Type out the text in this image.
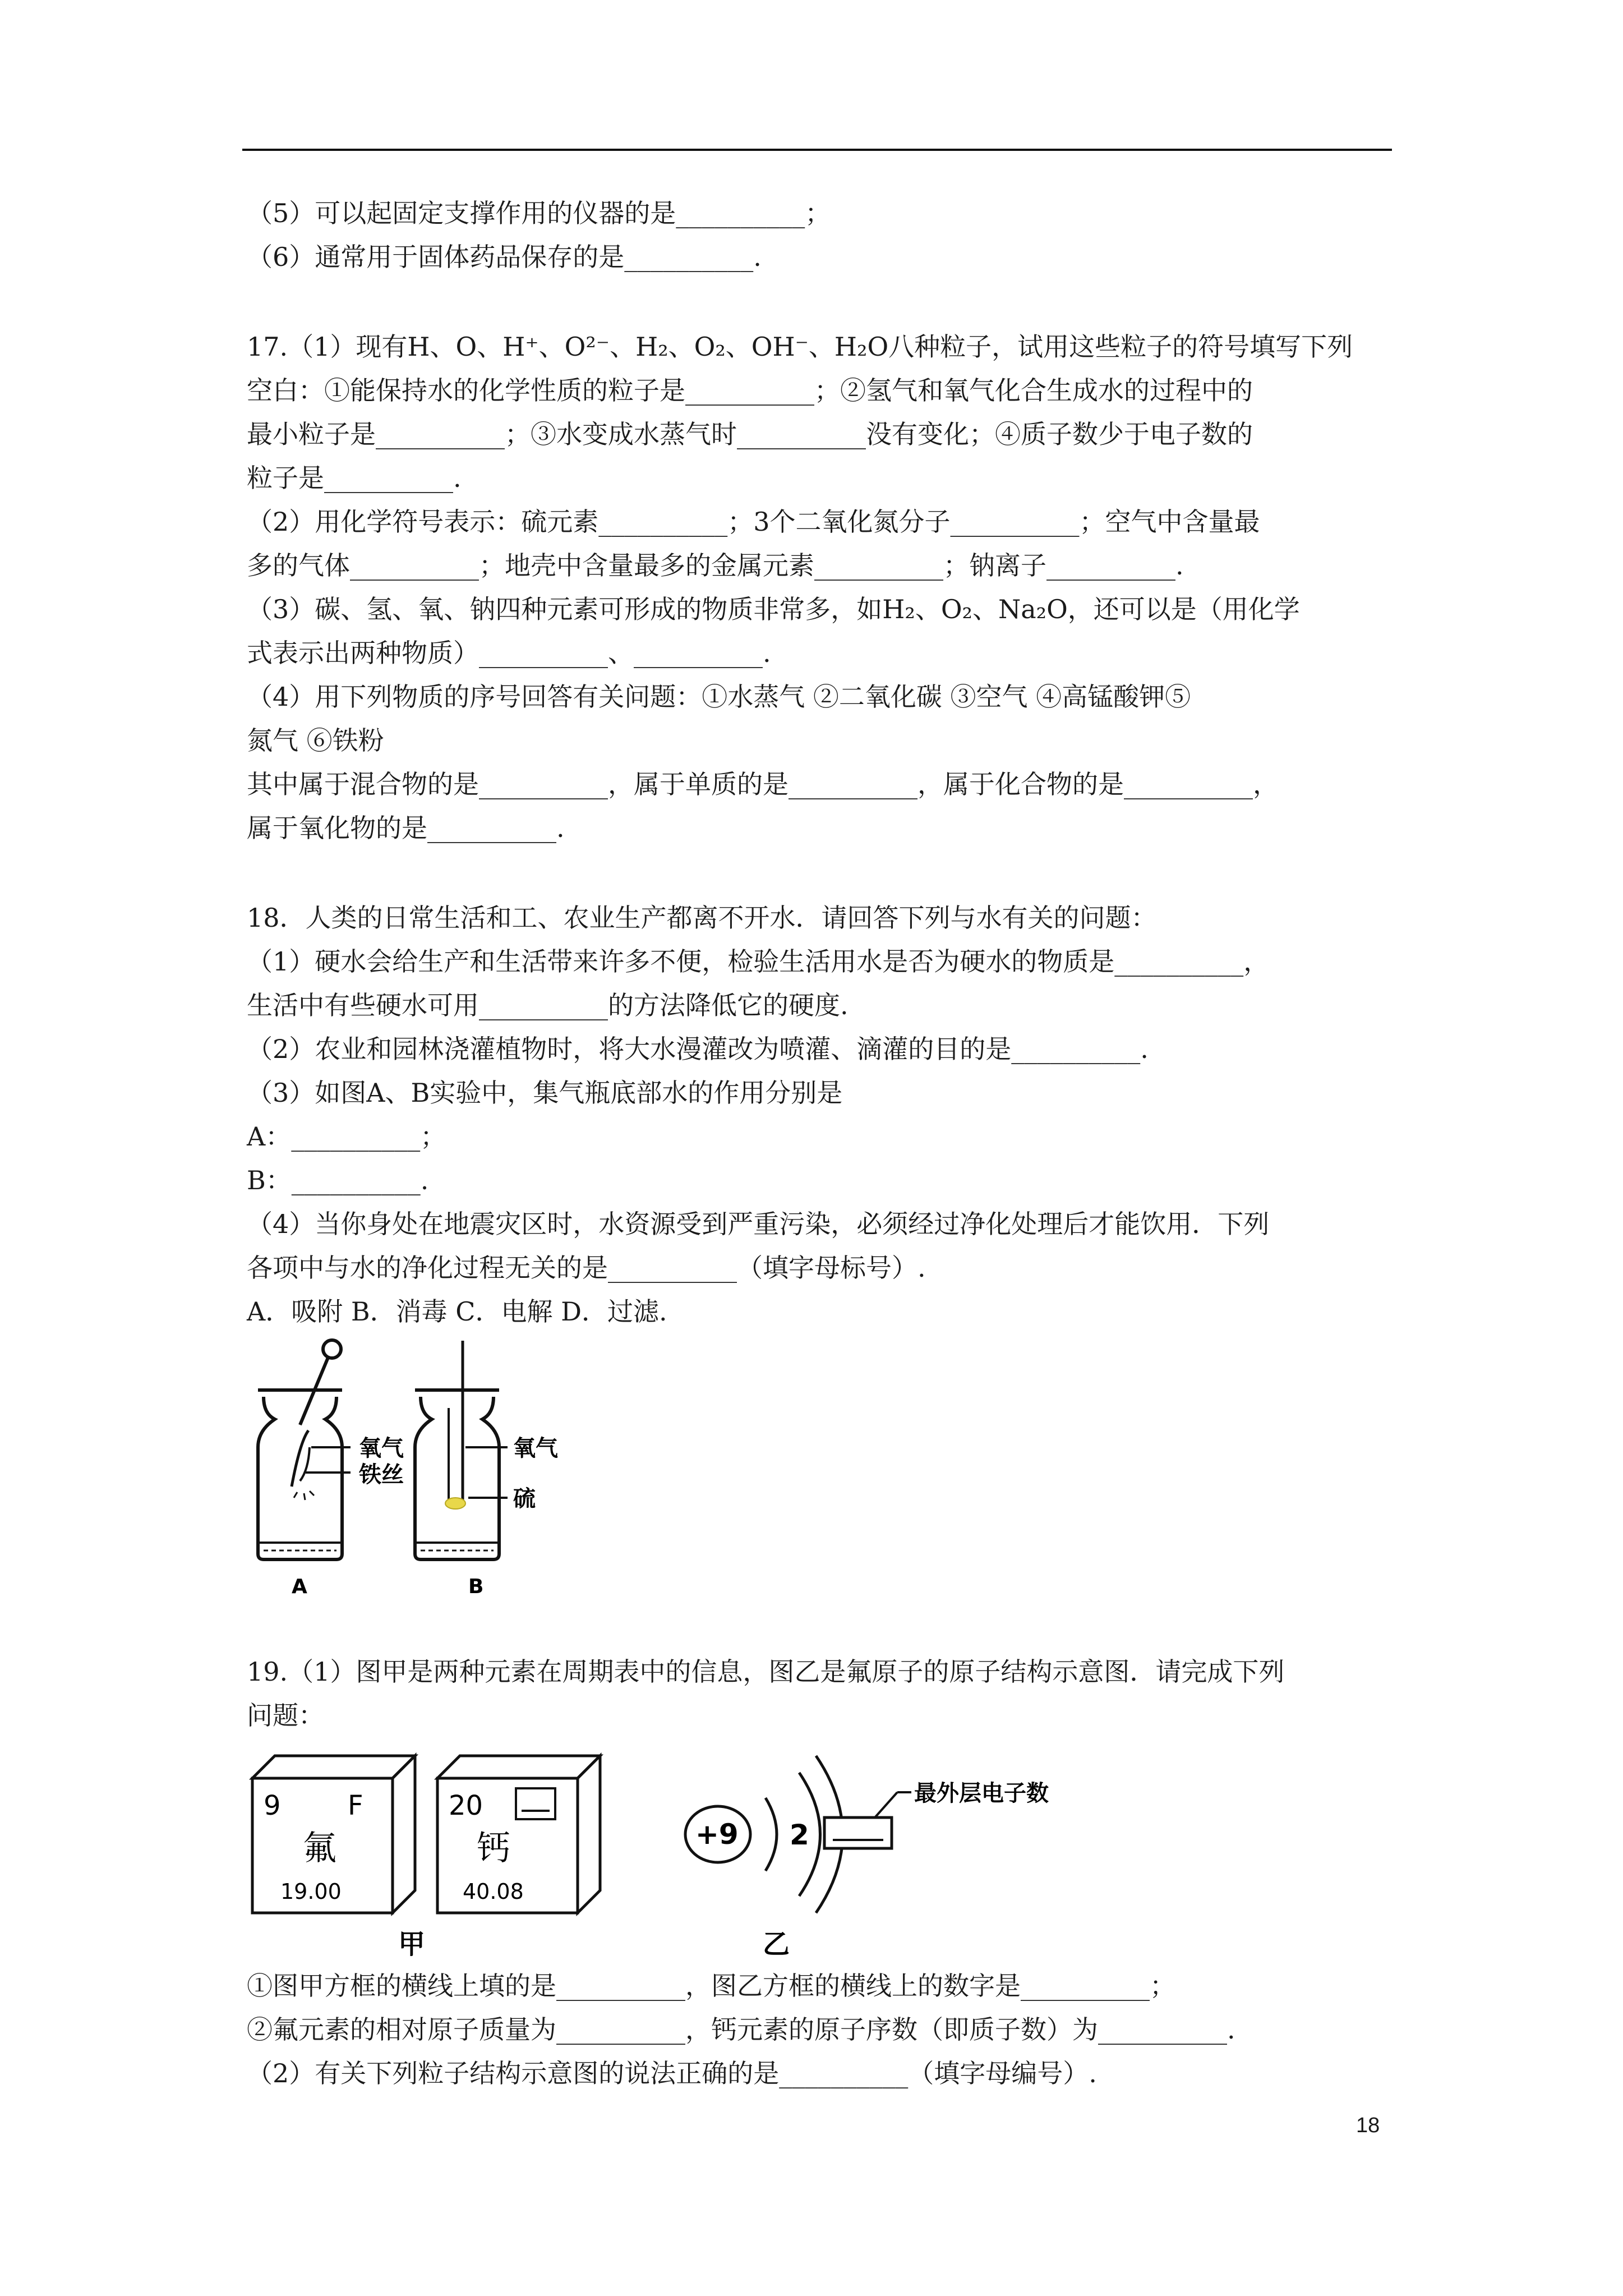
（5）可以起固定支撑作用的仪器的是__________；
（6）通常用于固体药品保存的是__________.
17.（1）现有H、O、H⁺、O²⁻、H₂、O₂、OH⁻、H₂O八种粒子，试用这些粒子的符号填写下列
空白：①能保持水的化学性质的粒子是__________；②氢气和氧气化合生成水的过程中的
最小粒子是__________；③水变成水蒸气时__________没有变化；④质子数少于电子数的
粒子是__________.
（2）用化学符号表示：硫元素__________；3个二氧化氮分子__________；空气中含量最
多的气体__________；地壳中含量最多的金属元素__________；钠离子__________.
（3）碳、氢、氧、钠四种元素可形成的物质非常多，如H₂、O₂、Na₂O，还可以是（用化学
式表示出两种物质）__________、__________.
（4）用下列物质的序号回答有关问题：①水蒸气 ②二氧化碳 ③空气 ④高锰酸钾⑤
氮气 ⑥铁粉
其中属于混合物的是__________，属于单质的是__________，属于化合物的是__________，
属于氧化物的是__________.
18．人类的日常生活和工、农业生产都离不开水．请回答下列与水有关的问题：
（1）硬水会给生产和生活带来许多不便，检验生活用水是否为硬水的物质是__________，
生活中有些硬水可用__________的方法降低它的硬度.
（2）农业和园林浇灌植物时，将大水漫灌改为喷灌、滴灌的目的是__________.
（3）如图A、B实验中，集气瓶底部水的作用分别是
A：__________；
B：__________.
（4）当你身处在地震灾区时，水资源受到严重污染，必须经过净化处理后才能饮用．下列
各项中与水的净化过程无关的是__________（填字母标号）.
A．吸附 B．消毒 C．电解 D．过滤.
氧气
铁丝
A
氧气
硫
B
19.（1）图甲是两种元素在周期表中的信息，图乙是氟原子的原子结构示意图．请完成下列
问题：
9 F
氟
19.00
20
钙
40.08
甲
+9 2
最外层电子数
乙
①图甲方框的横线上填的是__________，图乙方框的横线上的数字是__________；
②氟元素的相对原子质量为__________，钙元素的原子序数（即质子数）为__________.
（2）有关下列粒子结构示意图的说法正确的是__________（填字母编号）.
18
